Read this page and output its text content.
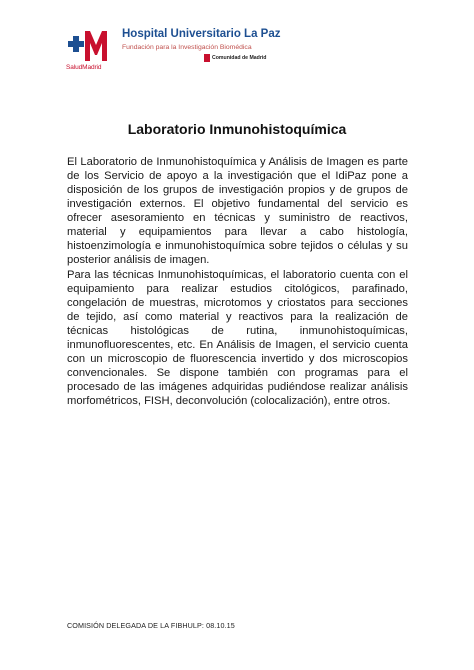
SaludMadrid
Hospital Universitario La Paz
Fundación para la Investigación Biomédica
Comunidad de Madrid
Laboratorio Inmunohistoquímica

El Laboratorio de Inmunohistoquímica y Análisis de Imagen es parte de los Servicio de apoyo a la investigación que el IdiPaz pone a disposición de los grupos de investigación propios y de grupos de investigación externos. El objetivo fundamental del servicio es ofrecer asesoramiento en técnicas y suministro de reactivos, material y equipamientos para llevar a cabo histología, histoenzimología e inmunohistoquímica sobre tejidos o células y su posterior análisis de imagen.

Para las técnicas Inmunohistoquímicas, el laboratorio cuenta con el equipamiento para realizar estudios citológicos, parafinado, congelación de muestras, microtomos y criostatos para secciones de tejido, así como material y reactivos para la realización de técnicas histológicas de rutina, inmunohistoquímicas, inmunofluorescentes, etc. En Análisis de Imagen, el servicio cuenta con un microscopio de fluorescencia invertido y dos microscopios convencionales. Se dispone también con programas para el procesado de las imágenes adquiridas pudiéndose realizar análisis morfométricos, FISH, deconvolución (colocalización), entre otros.

COMISIÓN DELEGADA DE LA FIBHULP: 08.10.15
